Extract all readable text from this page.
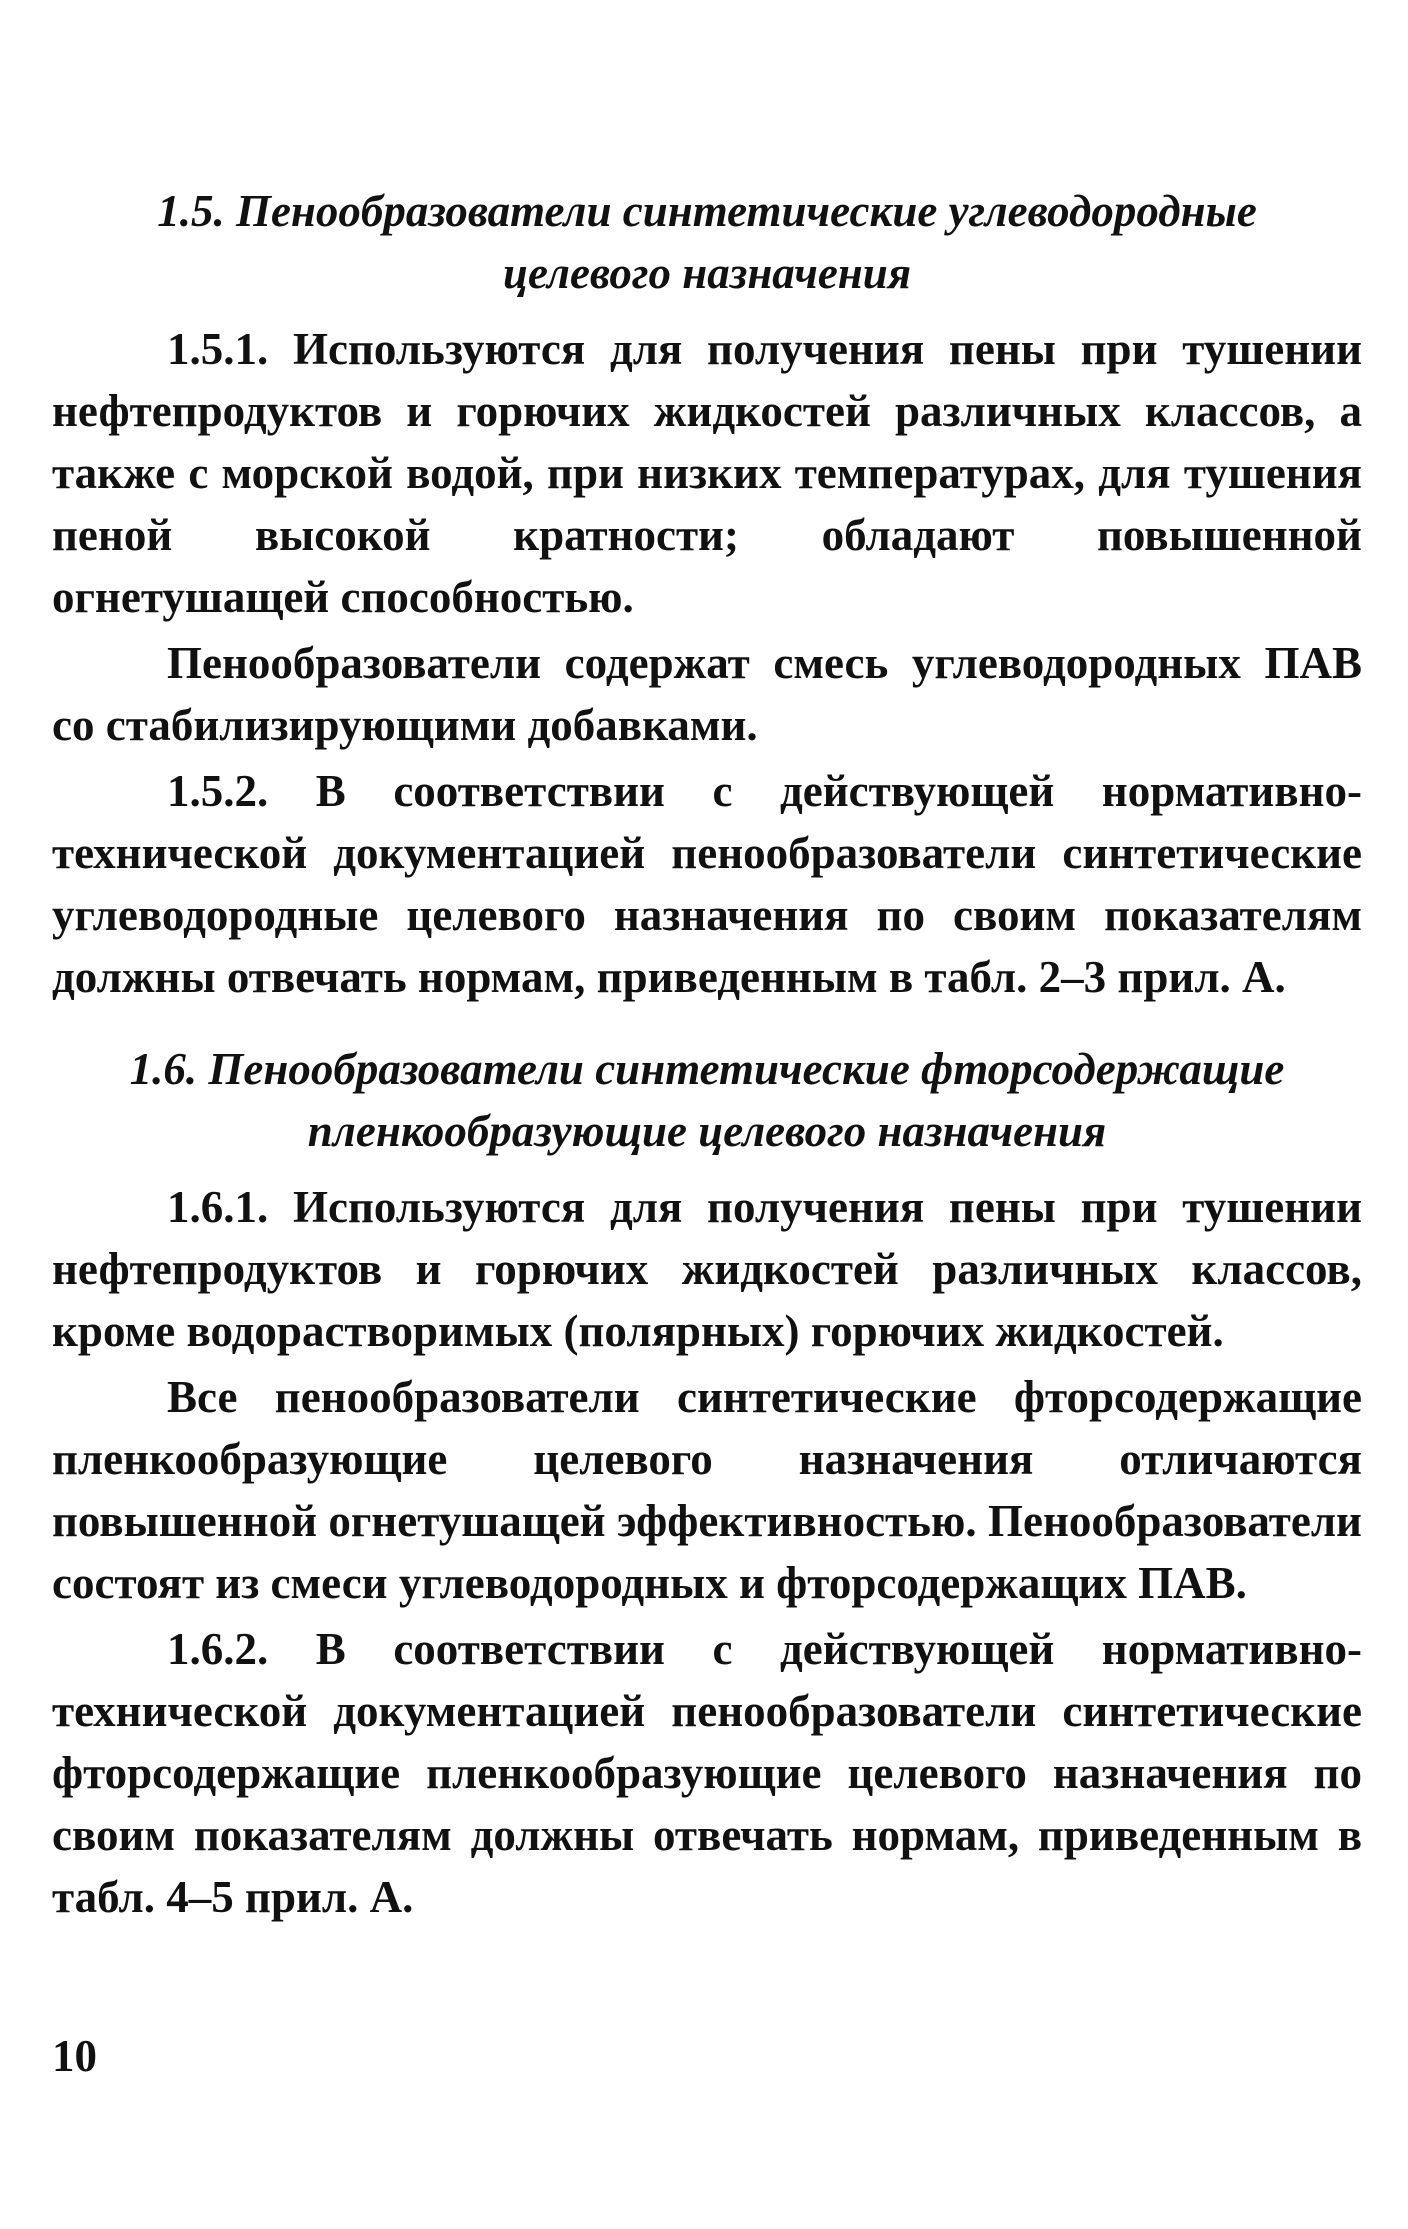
1.5. Пенообразователи синтетические углеводородные
целевого назначения

1.5.1. Используются для получения пены при тушении нефтепродуктов и горючих жидкостей различных классов, а также с морской водой, при низких температурах, для тушения пеной высокой кратности; обладают повышенной огнетушащей способностью.

Пенообразователи содержат смесь углеводородных ПАВ со стабилизирующими добавками.

1.5.2. В соответствии с действующей нормативно-технической документацией пенообразователи синтетические углеводородные целевого назначения по своим показателям должны отвечать нормам, приведенным в табл. 2–3 прил. А.

1.6. Пенообразователи синтетические фторсодержащие
пленкообразующие целевого назначения

1.6.1. Используются для получения пены при тушении нефтепродуктов и горючих жидкостей различных классов, кроме водорастворимых (полярных) горючих жидкостей.

Все пенообразователи синтетические фторсодержащие пленкообразующие целевого назначения отличаются повышенной огнетушащей эффективностью. Пенообразователи состоят из смеси углеводородных и фторсодержащих ПАВ.

1.6.2. В соответствии с действующей нормативно-технической документацией пенообразователи синтетические фторсодержащие пленкообразующие целевого назначения по своим показателям должны отвечать нормам, приведенным в табл. 4–5 прил. А.

10
